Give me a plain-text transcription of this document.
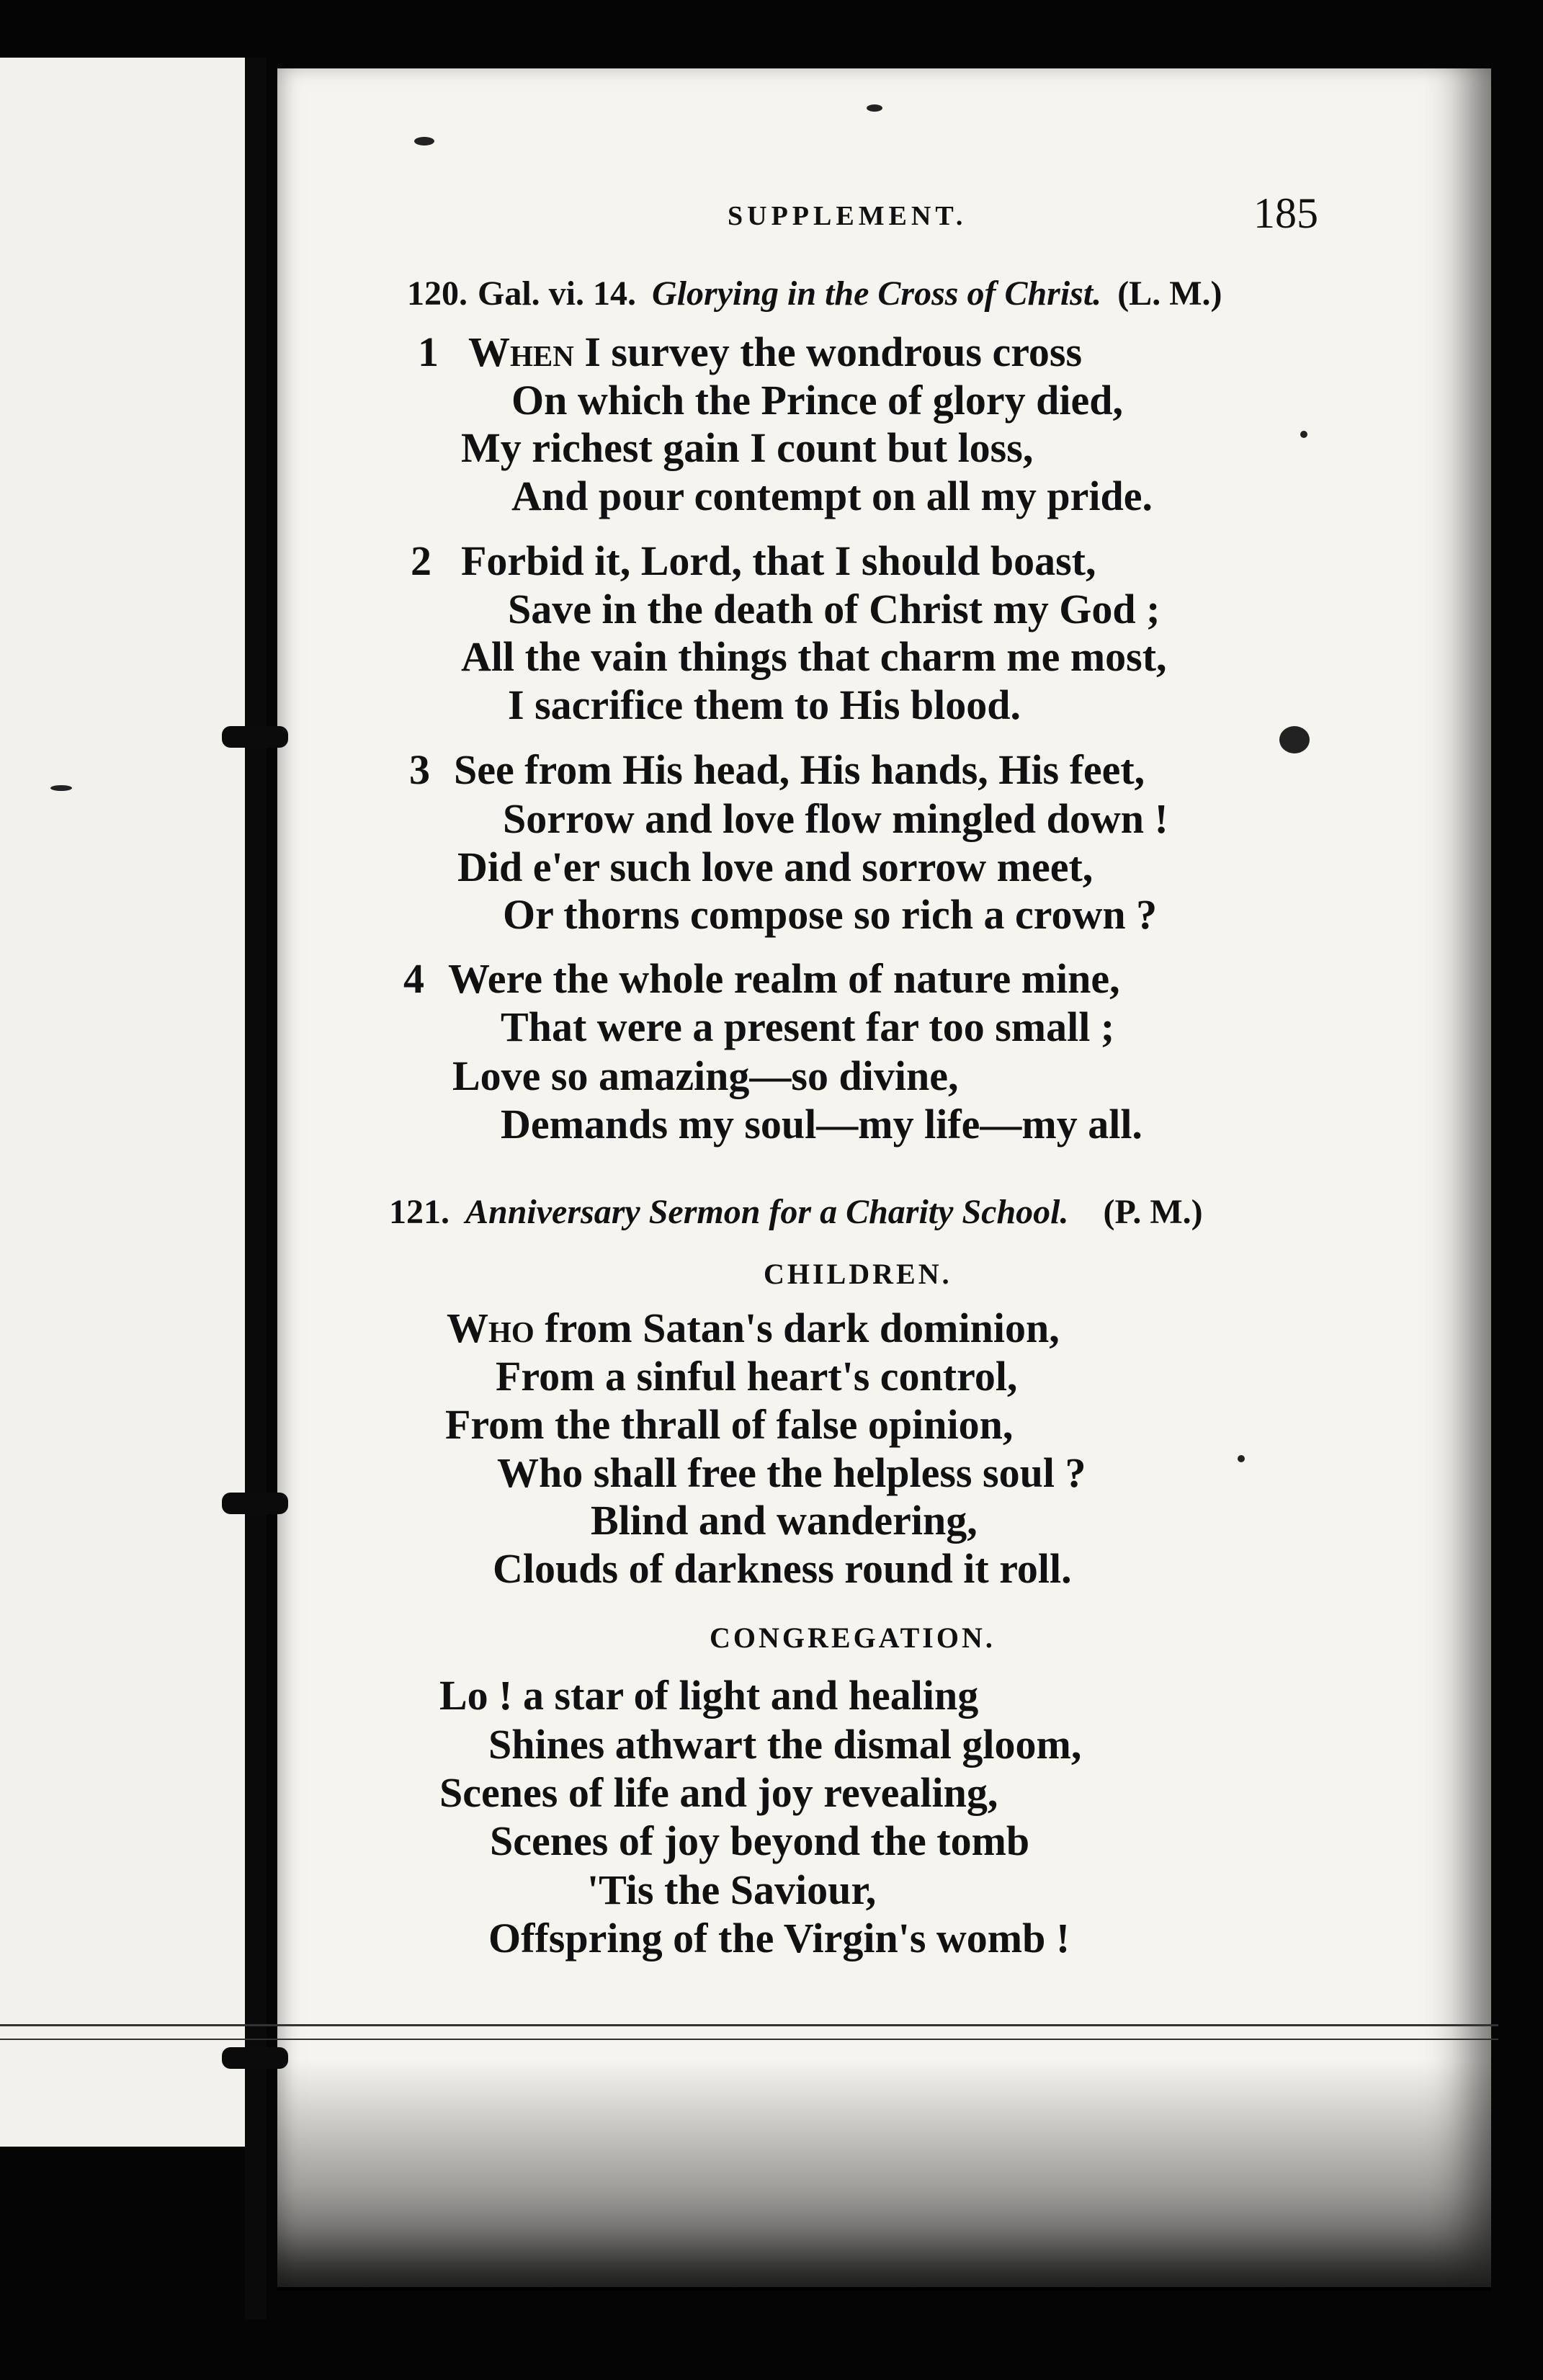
SUPPLEMENT.	185
120. Gal. vi. 14. Glorying in the Cross of Christ. (L. M.)
1 When I survey the wondrous cross
On which the Prince of glory died,
My richest gain I count but loss,
And pour contempt on all my pride.
2 Forbid it, Lord, that I should boast,
Save in the death of Christ my God ;
All the vain things that charm me most,
I sacrifice them to His blood.
3 See from His head, His hands, His feet,
Sorrow and love flow mingled down !
Did e'er such love and sorrow meet,
Or thorns compose so rich a crown ?
4 Were the whole realm of nature mine,
That were a present far too small ;
Love so amazing—so divine,
Demands my soul—my life—my all.
121. Anniversary Sermon for a Charity School. (P. M.)
CHILDREN.
Who from Satan's dark dominion,
From a sinful heart's control,
From the thrall of false opinion,
Who shall free the helpless soul ?
Blind and wandering,
Clouds of darkness round it roll.
CONGREGATION.
Lo ! a star of light and healing
Shines athwart the dismal gloom,
Scenes of life and joy revealing,
Scenes of joy beyond the tomb
'Tis the Saviour,
Offspring of the Virgin's womb !
